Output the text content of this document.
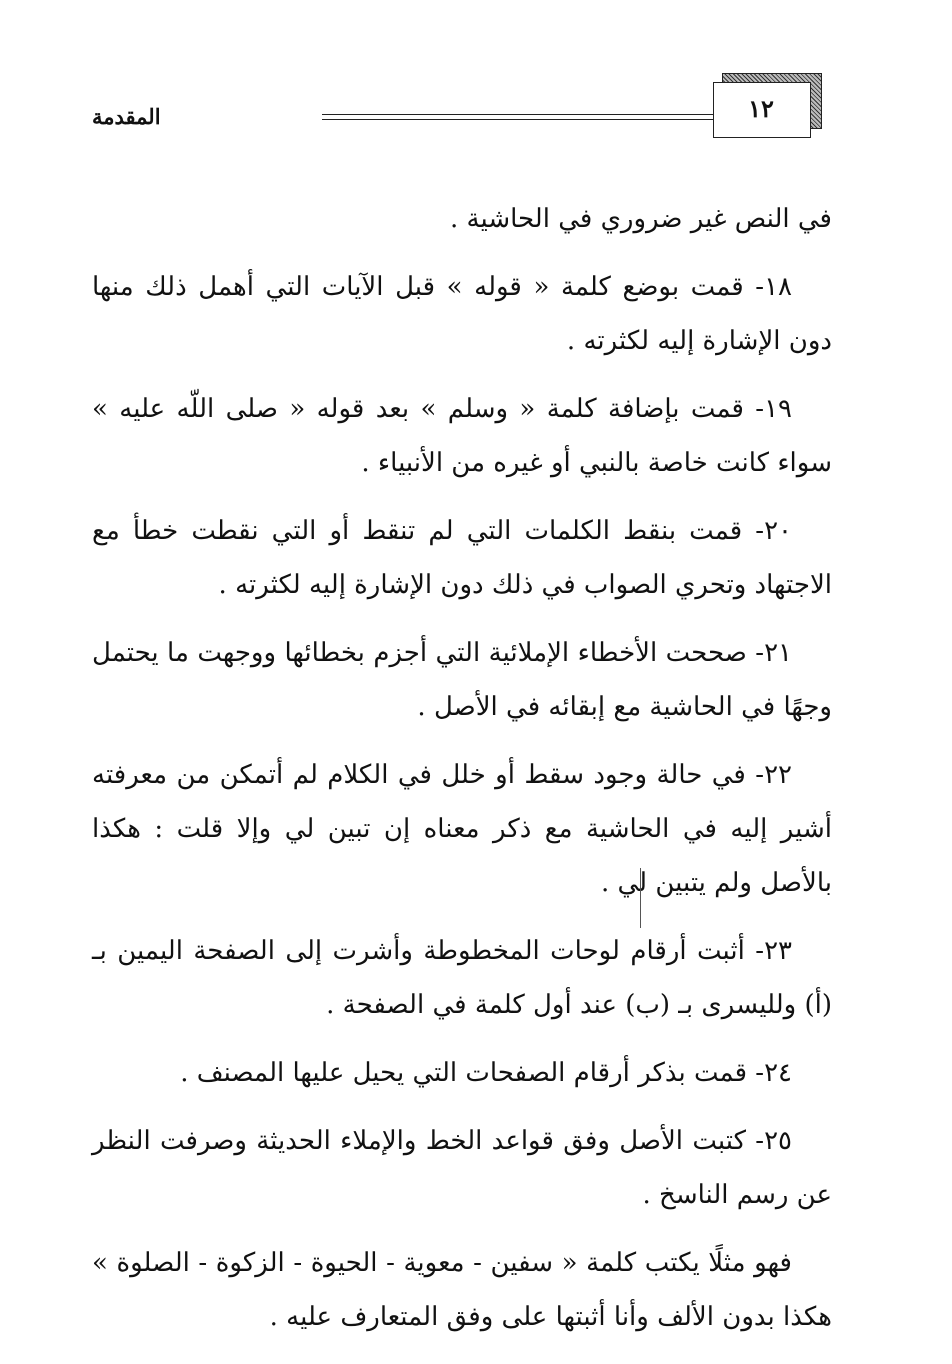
المقدمة	١٢

في النص غير ضروري في الحاشية .

١٨- قمت بوضع كلمة « قوله » قبل الآيات التي أهمل ذلك منها دون الإشارة إليه لكثرته .

١٩- قمت بإضافة كلمة « وسلم » بعد قوله « صلى اللّه عليه » سواء كانت خاصة بالنبي أو غيره من الأنبياء .

٢٠- قمت بنقط الكلمات التي لم تنقط أو التي نقطت خطأ مع الاجتهاد وتحري الصواب في ذلك دون الإشارة إليه لكثرته .

٢١- صححت الأخطاء الإملائية التي أجزم بخطائها ووجهت ما يحتمل وجهًا في الحاشية مع إبقائه في الأصل .

٢٢- في حالة وجود سقط أو خلل في الكلام لم أتمكن من معرفته أشير إليه في الحاشية مع ذكر معناه إن تبين لي وإلا قلت : هكذا بالأصل ولم يتبين لي .

٢٣- أثبت أرقام لوحات المخطوطة وأشرت إلى الصفحة اليمين بـ (أ) ولليسرى بـ (ب) عند أول كلمة في الصفحة .

٢٤- قمت بذكر أرقام الصفحات التي يحيل عليها المصنف .

٢٥- كتبت الأصل وفق قواعد الخط والإملاء الحديثة وصرفت النظر عن رسم الناسخ .

فهو مثلًا يكتب كلمة « سفين - معوية - الحيوة - الزكوة - الصلوة » هكذا بدون الألف وأنا أثبتها على وفق المتعارف عليه .
